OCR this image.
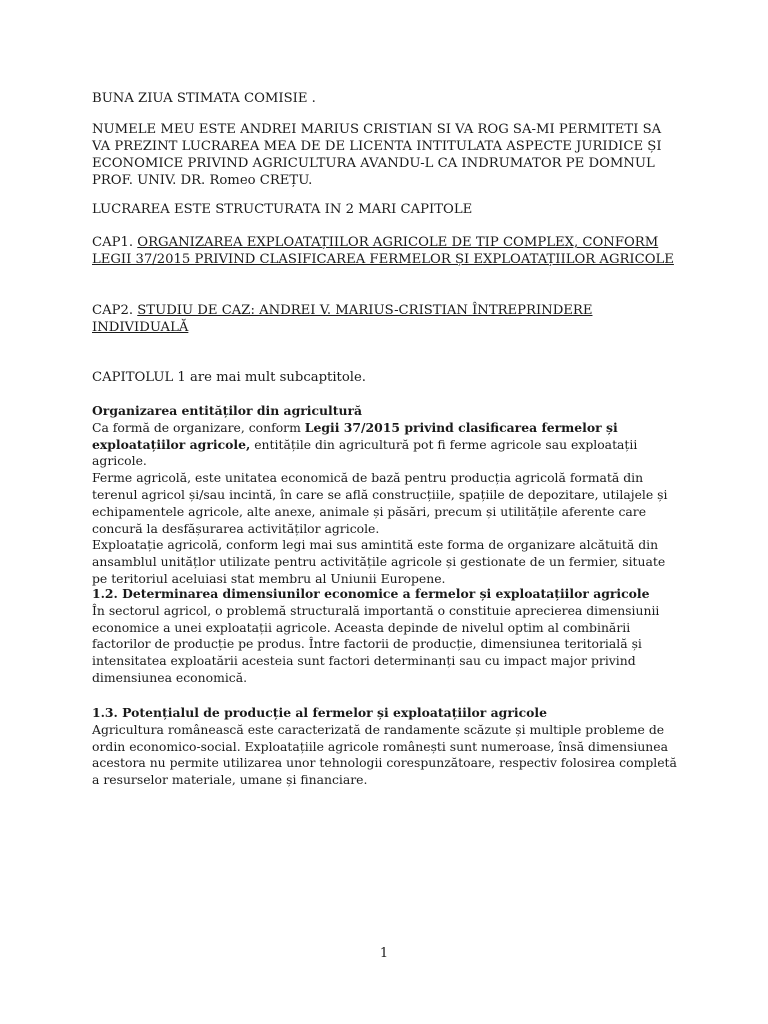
BUNA ZIUA STIMATA COMISIE .

NUMELE MEU ESTE ANDREI MARIUS CRISTIAN SI VA ROG SA-MI PERMITETI SA VA PREZINT LUCRAREA MEA DE DE LICENTA INTITULATA ASPECTE JURIDICE ȘI ECONOMICE PRIVIND AGRICULTURA AVANDU-L CA INDRUMATOR PE DOMNUL PROF. UNIV. DR. Romeo CREȚU.

LUCRAREA ESTE STRUCTURATA IN 2 MARI CAPITOLE

CAP1. ORGANIZAREA EXPLOATAȚIILOR AGRICOLE DE TIP COMPLEX, CONFORM LEGII 37/2015 PRIVIND CLASIFICAREA FERMELOR ȘI EXPLOATAȚIILOR AGRICOLE

CAP2. STUDIU DE CAZ: ANDREI V. MARIUS-CRISTIAN ÎNTREPRINDERE INDIVIDUALĂ

CAPITOLUL 1 are mai mult subcaptitole.

Organizarea entităților din agricultură
Ca formă de organizare, conform Legii 37/2015 privind clasificarea fermelor și exploatațiilor agricole, entitățile din agricultură pot fi ferme agricole sau exploatații agricole.
Ferme agricolă, este unitatea economică de bază pentru producția agricolă formată din terenul agricol și/sau incintă, în care se află construcțiile, spațiile de depozitare, utilajele și echipamentele agricole, alte anexe, animale și păsări, precum și utilitățile aferente care concură la desfășurarea activităților agricole.
Exploatație agricolă, conform legi mai sus amintită este forma de organizare alcătuită din ansamblul unitățlor utilizate pentru activitățile agricole și gestionate de un fermier, situate pe teritoriul aceluiasi stat membru al Uniunii Europene.
1.2. Determinarea dimensiunilor economice a fermelor și exploatațiilor agricole
În sectorul agricol, o problemă structurală importantă o constituie aprecierea dimensiunii economice a unei exploatații agricole. Aceasta depinde de nivelul optim al combinării factorilor de producție pe produs. Între factorii de producție, dimensiunea teritorială și intensitatea exploatării acesteia sunt factori determinanți sau cu impact major privind dimensiunea economică.
1.3. Potențialul de producție al fermelor și exploatațiilor agricole
Agricultura românească este caracterizată de randamente scăzute și multiple probleme de ordin economico-social. Exploatațiile agricole românești sunt numeroase, însă dimensiunea acestora nu permite utilizarea unor tehnologii corespunzătoare, respectiv folosirea completă a resurselor materiale, umane și financiare.
1
